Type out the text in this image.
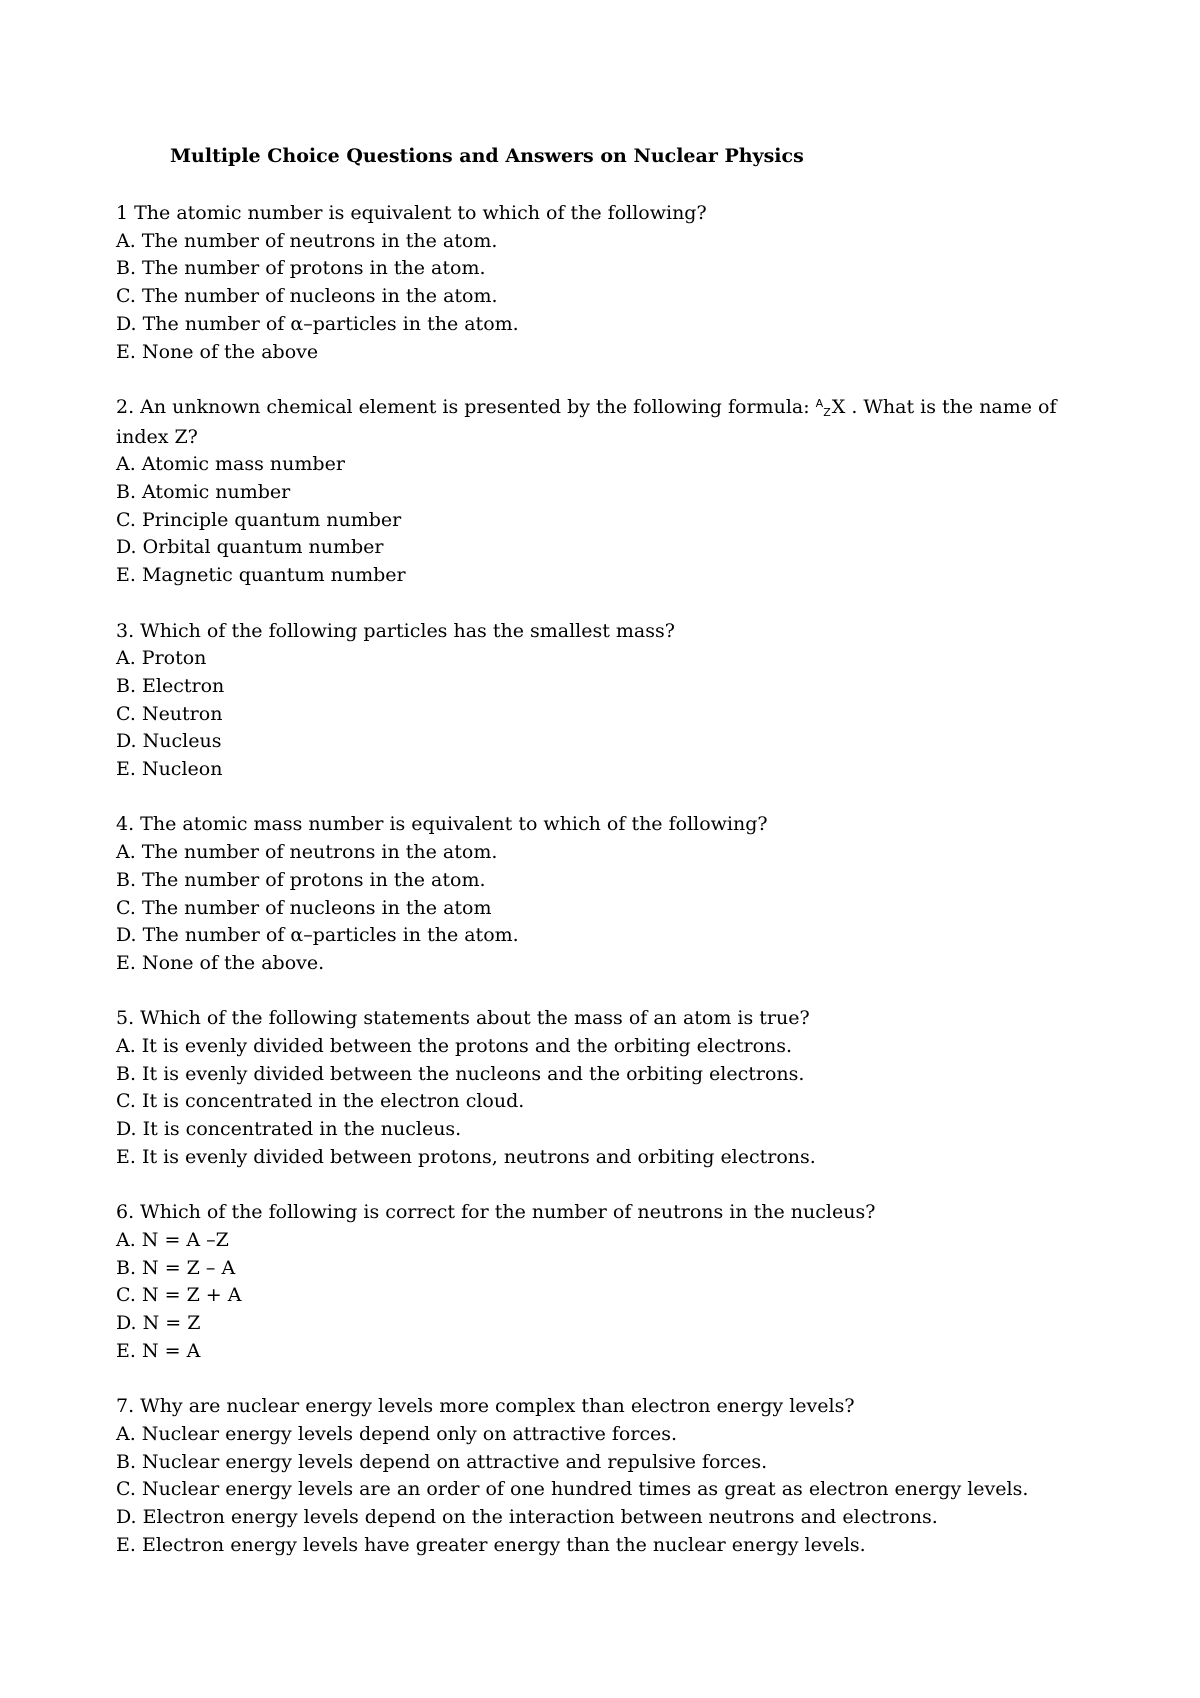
Multiple Choice Questions and Answers on Nuclear Physics
1 The atomic number is equivalent to which of the following?
A. The number of neutrons in the atom.
B. The number of protons in the atom.
C. The number of nucleons in the atom.
D. The number of α–particles in the atom.
E. None of the above
2. An unknown chemical element is presented by the following formula: $^A$ZX . What is the name of index Z?
A. Atomic mass number
B. Atomic number
C. Principle quantum number
D. Orbital quantum number
E. Magnetic quantum number
3. Which of the following particles has the smallest mass?
A. Proton
B. Electron
C. Neutron
D. Nucleus
E. Nucleon
4. The atomic mass number is equivalent to which of the following?
A. The number of neutrons in the atom.
B. The number of protons in the atom.
C. The number of nucleons in the atom
D. The number of α–particles in the atom.
E. None of the above.
5. Which of the following statements about the mass of an atom is true?
A. It is evenly divided between the protons and the orbiting electrons.
B. It is evenly divided between the nucleons and the orbiting electrons.
C. It is concentrated in the electron cloud.
D. It is concentrated in the nucleus.
E. It is evenly divided between protons, neutrons and orbiting electrons.
6. Which of the following is correct for the number of neutrons in the nucleus?
A. N = A –Z
B. N = Z – A
C. N = Z + A
D. N = Z
E. N = A
7. Why are nuclear energy levels more complex than electron energy levels?
A. Nuclear energy levels depend only on attractive forces.
B. Nuclear energy levels depend on attractive and repulsive forces.
C. Nuclear energy levels are an order of one hundred times as great as electron energy levels.
D. Electron energy levels depend on the interaction between neutrons and electrons.
E. Electron energy levels have greater energy than the nuclear energy levels.
